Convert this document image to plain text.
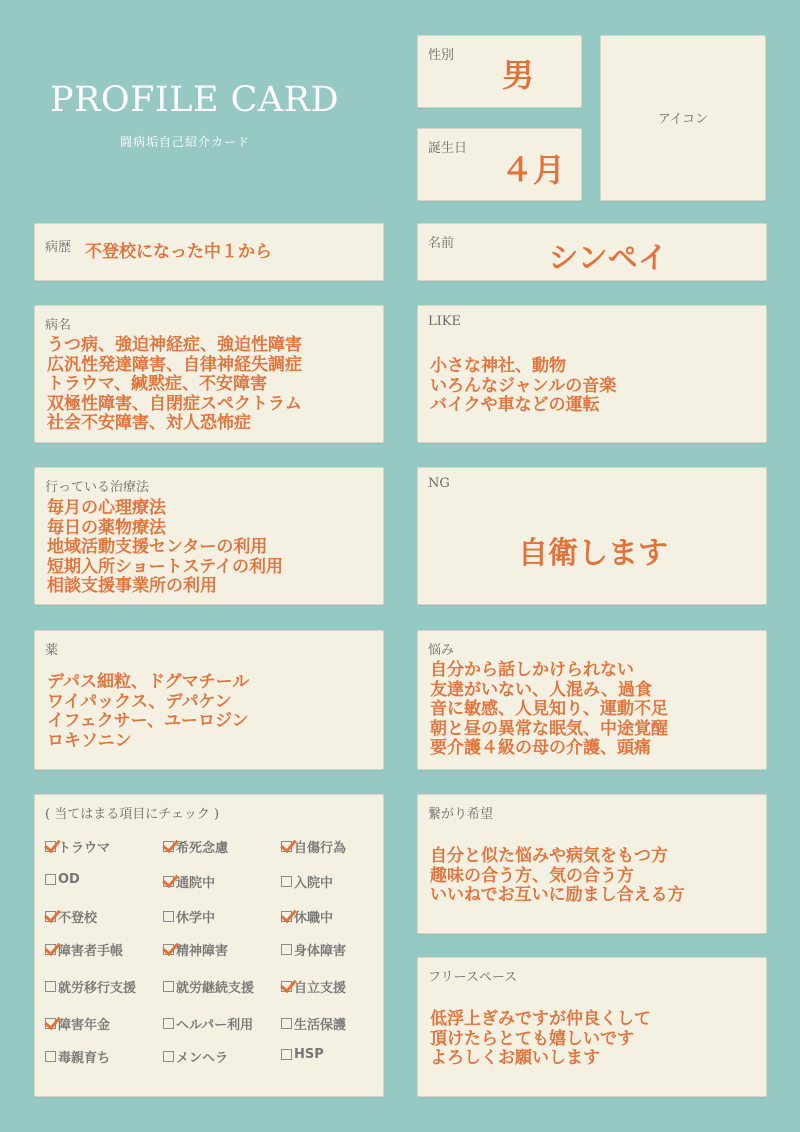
PROFILE CARD
闘病垢自己紹介カード
性別
男
誕生日
４月
アイコン
病歴 不登校になった中１から	名前	シンペイ
病名
うつ病、強迫神経症、強迫性障害
広汎性発達障害、自律神経失調症
トラウマ、緘黙症、不安障害
双極性障害、自閉症スペクトラム
社会不安障害、対人恐怖症
LIKE
小さな神社、動物
いろんなジャンルの音楽
バイクや車などの運転
行っている治療法
毎月の心理療法
毎日の薬物療法
地域活動支援センターの利用
短期入所ショートステイの利用
相談支援事業所の利用
NG
自衛します
薬
デパス細粒、ドグマチール
ワイパックス、デパケン
イフェクサー、ユーロジン
ロキソニン
悩み
自分から話しかけられない
友達がいない、人混み、過食
音に敏感、人見知り、運動不足
朝と昼の異常な眠気、中途覚醒
要介護４級の母の介護、頭痛
( 当てはまる項目にチェック )
トラウマ	希死念慮	自傷行為
OD	通院中	入院中
不登校	休学中	休職中
障害者手帳	精神障害	身体障害
就労移行支援	就労継続支援	自立支援
障害年金	ヘルパー利用	生活保護
毒親育ち	メンヘラ	HSP
繋がり希望
自分と似た悩みや病気をもつ方
趣味の合う方、気の合う方
いいねでお互いに励まし合える方
フリースペース
低浮上ぎみですが仲良くして
頂けたらとても嬉しいです
よろしくお願いします
